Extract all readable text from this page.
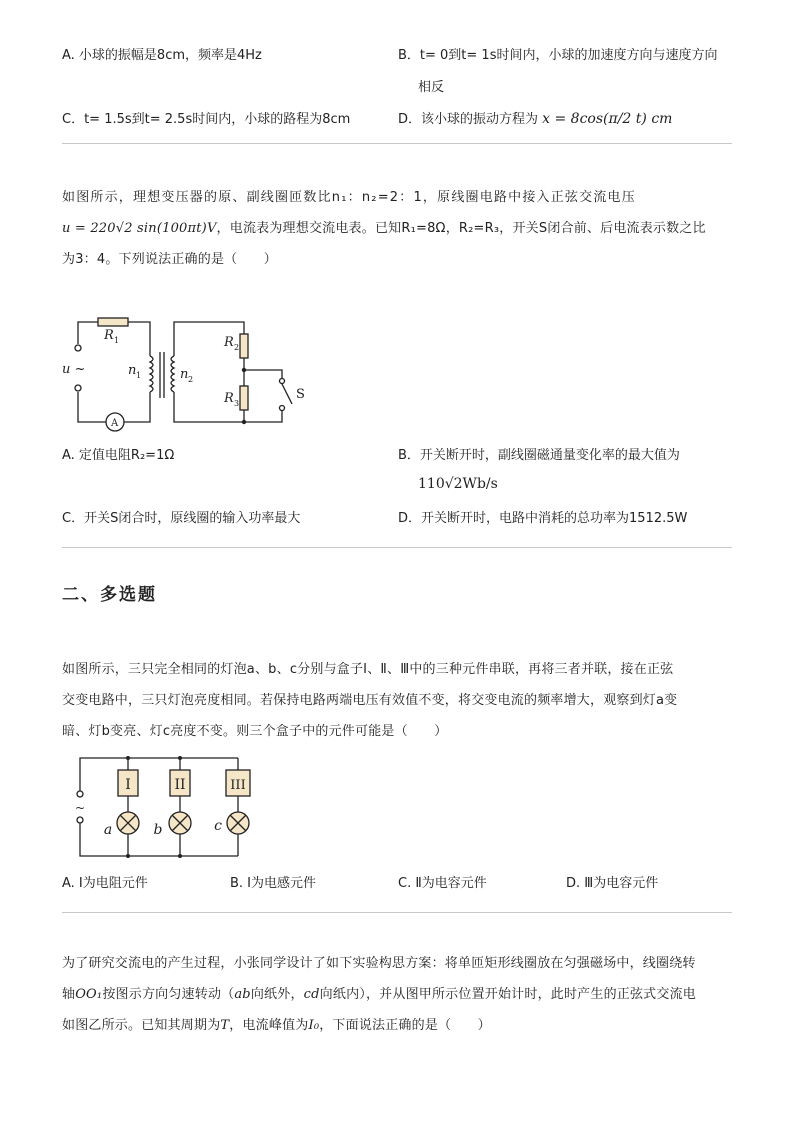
A. 小球的振幅是8cm，频率是4Hz	B．t= 0到t= 1s时间内，小球的加速度方向与速度方向
相反
C．t= 1.5s到t= 2.5s时间内，小球的路程为8cm	D．该小球的振动方程为 x = 8cos(π/2 t) cm
如图所示，理想变压器的原、副线圈匝数比n₁：n₂=2：1，原线圈电路中接入正弦交流电压
u = 220√2 sin(100πt)V，电流表为理想交流电表。已知R₁=8Ω，R₂=R₃，开关S闭合前、后电流表示数之比
为3：4。下列说法正确的是（　　）
R 1	R 2
R 3
n 1	n 2
u ~
S
A
A. 定值电阻R₂=1Ω	B．开关断开时，副线圈磁通量变化率的最大值为
110√2Wb/s
C．开关S闭合时，原线圈的输入功率最大	D．开关断开时，电路中消耗的总功率为1512.5W
二、多选题
如图所示，三只完全相同的灯泡a、b、c分别与盒子Ⅰ、Ⅱ、Ⅲ中的三种元件串联，再将三者并联，接在正弦
交变电路中，三只灯泡亮度相同。若保持电路两端电压有效值不变，将交变电流的频率增大，观察到灯a变
暗、灯b变亮、灯c亮度不变。则三个盒子中的元件可能是（　　）
I	II	III
a	b	c
~
A. Ⅰ为电阻元件	B. Ⅰ为电感元件	C. Ⅱ为电容元件	D. Ⅲ为电容元件
为了研究交流电的产生过程，小张同学设计了如下实验构思方案：将单匝矩形线圈放在匀强磁场中，线圈绕转
轴OO₁按图示方向匀速转动（ab向纸外，cd向纸内），并从图甲所示位置开始计时，此时产生的正弦式交流电
如图乙所示。已知其周期为T，电流峰值为I₀，下面说法正确的是（　　）
